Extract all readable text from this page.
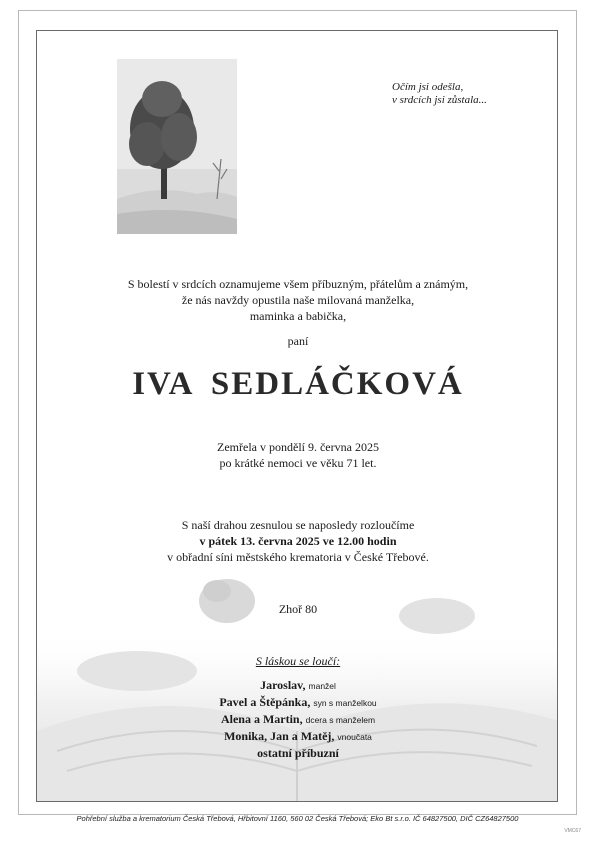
Očím jsi odešla,
v srdcích jsi zůstala...
S bolestí v srdcích oznamujeme všem příbuzným, přátelům a známým,
že nás navždy opustila naše milovaná manželka,
maminka a babička,
paní
IVA SEDLÁČKOVÁ
Zemřela v pondělí 9. června 2025
po krátké nemoci ve věku 71 let.
S naší drahou zesnulou se naposledy rozloučíme
v pátek 13. června 2025 ve 12.00 hodin
v obřadní síni městského krematoria v České Třebové.
Zhoř 80
S láskou se loučí:
Jaroslav, manžel
Pavel a Štěpánka, syn s manželkou
Alena a Martin, dcera s manželem
Monika, Jan a Matěj, vnoučata
ostatní příbuzní
Pohřební služba a krematorium Česká Třebová, Hřbitovní 1160, 560 02 Česká Třebová; Eko Bt s.r.o. IČ 64827500, DIČ CZ64827500
VMC67
